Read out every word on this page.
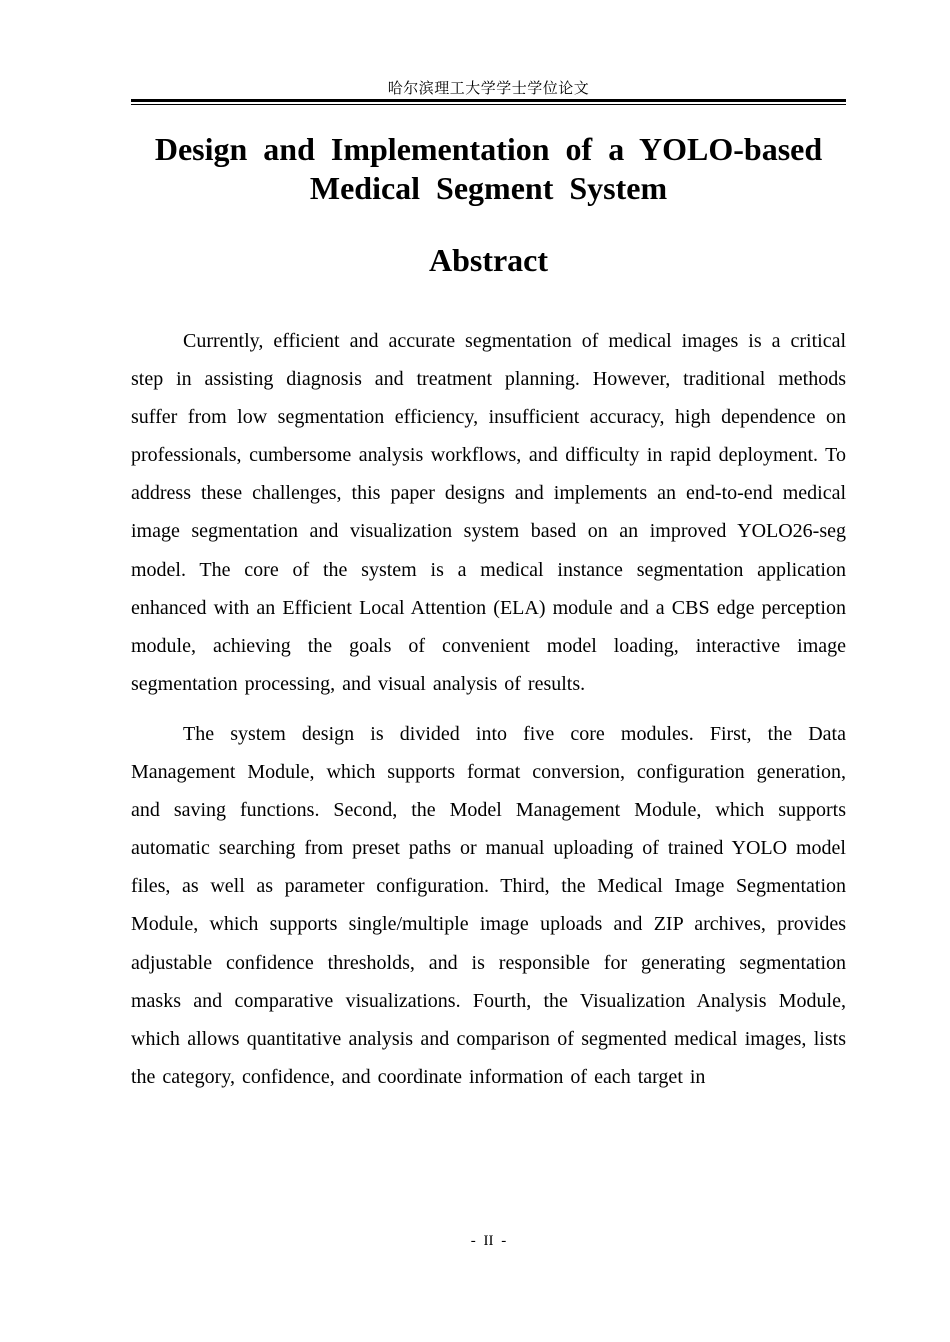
哈尔滨理工大学学士学位论文
Design and Implementation of a YOLO-based
Medical Segment System
Abstract

Currently, efficient and accurate segmentation of medical images is a critical step in assisting diagnosis and treatment planning. However, traditional methods suffer from low segmentation efficiency, insufficient accuracy, high dependence on professionals, cumbersome analysis workflows, and difficulty in rapid deployment. To address these challenges, this paper designs and implements an end-to-end medical image segmentation and visualization system based on an improved YOLO26-seg model. The core of the system is a medical instance segmentation application enhanced with an Efficient Local Attention (ELA) module and a CBS edge perception module, achieving the goals of convenient model loading, interactive image segmentation processing, and visual analysis of results.

The system design is divided into five core modules. First, the Data Management Module, which supports format conversion, configuration generation, and saving functions. Second, the Model Management Module, which supports automatic searching from preset paths or manual uploading of trained YOLO model files, as well as parameter configuration. Third, the Medical Image Segmentation Module, which supports single/multiple image uploads and ZIP archives, provides adjustable confidence thresholds, and is responsible for generating segmentation masks and comparative visualizations. Fourth, the Visualization Analysis Module, which allows quantitative analysis and comparison of segmented medical images, lists the category, confidence, and coordinate information of each target in

- II -
